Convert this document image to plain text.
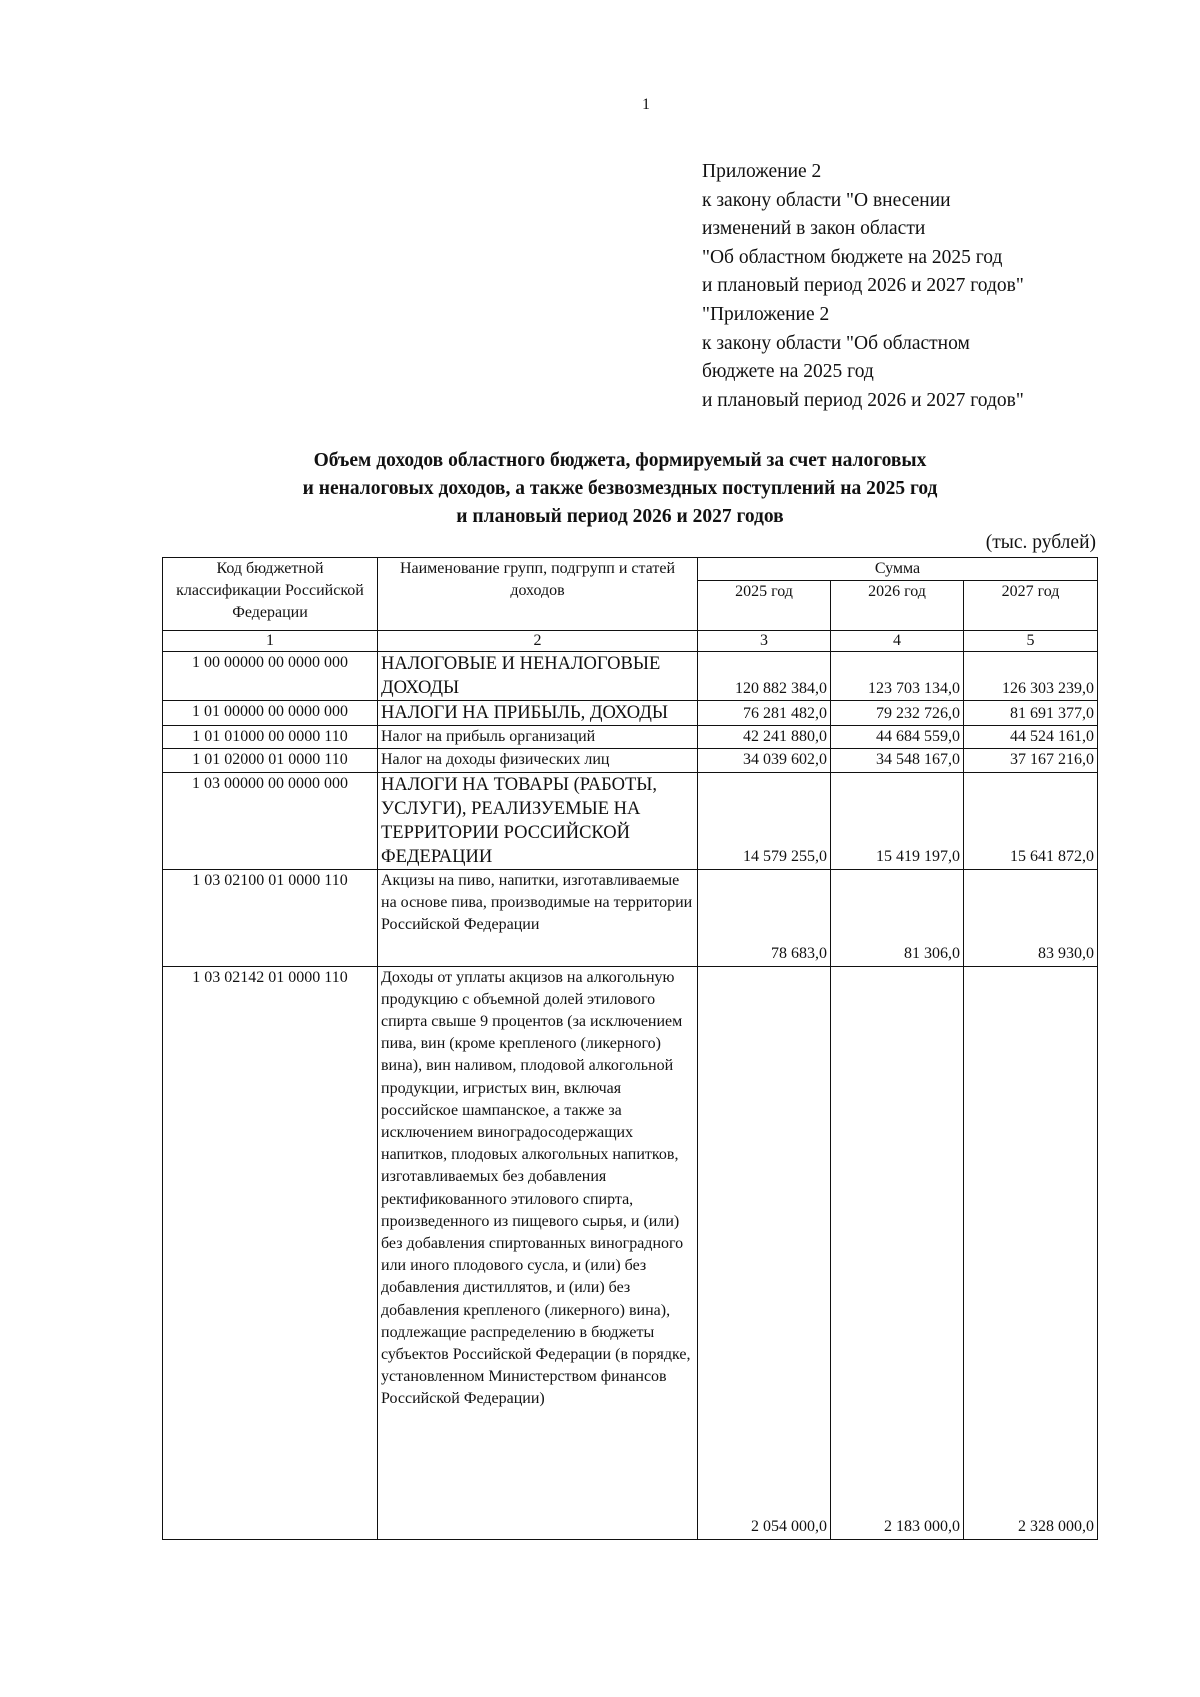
1
Приложение 2
к закону области "О внесении
изменений в закон области
"Об областном бюджете на 2025 год
и плановый период 2026 и 2027 годов"
"Приложение 2
к закону области "Об областном
бюджете на 2025 год
и плановый период 2026 и 2027 годов"
Объем доходов областного бюджета, формируемый за счет налоговых
и неналоговых доходов, а также безвозмездных поступлений на 2025 год
и плановый период 2026 и 2027 годов
(тыс. рублей)
Код бюджетной классификации Российской Федерации	Наименование групп, подгрупп и статей доходов	Сумма		
		2025 год	2026 год	2027 год
1	2	3	4	5
1 00 00000 00 0000 000	НАЛОГОВЫЕ И НЕНАЛОГОВЫЕ ДОХОДЫ	120 882 384,0	123 703 134,0	126 303 239,0
1 01 00000 00 0000 000	НАЛОГИ НА ПРИБЫЛЬ, ДОХОДЫ	76 281 482,0	79 232 726,0	81 691 377,0
1 01 01000 00 0000 110	Налог на прибыль организаций	42 241 880,0	44 684 559,0	44 524 161,0
1 01 02000 01 0000 110	Налог на доходы физических лиц	34 039 602,0	34 548 167,0	37 167 216,0
1 03 00000 00 0000 000	НАЛОГИ НА ТОВАРЫ (РАБОТЫ, УСЛУГИ), РЕАЛИЗУЕМЫЕ НА ТЕРРИТОРИИ РОССИЙСКОЙ ФЕДЕРАЦИИ	14 579 255,0	15 419 197,0	15 641 872,0
1 03 02100 01 0000 110	Акцизы на пиво, напитки, изготавливаемые на основе пива, производимые на территории Российской Федерации	78 683,0	81 306,0	83 930,0
1 03 02142 01 0000 110	Доходы от уплаты акцизов на алкогольную продукцию с объемной долей этилового спирта свыше 9 процентов (за исключением пива, вин (кроме крепленого (ликерного) вина), вин наливом, плодовой алкогольной продукции, игристых вин, включая российское шампанское, а также за исключением виноградосодержащих напитков, плодовых алкогольных напитков, изготавливаемых без добавления ректификованного этилового спирта, произведенного из пищевого сырья, и (или) без добавления спиртованных виноградного или иного плодового сусла, и (или) без добавления дистиллятов, и (или) без добавления крепленого (ликерного) вина), подлежащие распределению в бюджеты субъектов Российской Федерации (в порядке, установленном Министерством финансов Российской Федерации)	2 054 000,0	2 183 000,0	2 328 000,0
